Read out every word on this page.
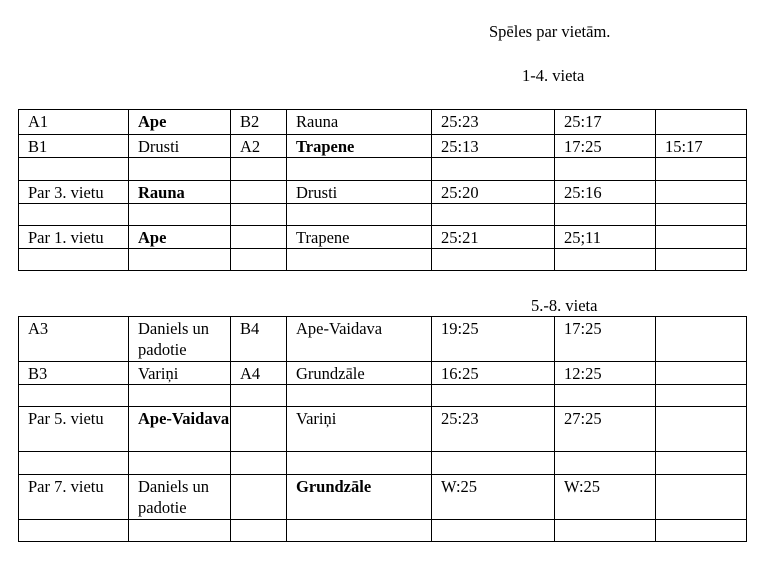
Spēles par vietām.
1-4. vieta
5.-8. vieta
A1	Ape	B2	Rauna	25:23	25:17	
B1	Drusti	A2	Trapene	25:13	17:25	15:17

Par 3. vietu	Rauna		Drusti	25:20	25:16	

Par 1. vietu	Ape		Trapene	25:21	25;11	

A3	Daniels un padotie	B4	Ape-Vaidava	19:25	17:25	
B3	Variņi	A4	Grundzāle	16:25	12:25	

Par 5. vietu	Ape-Vaidava		Variņi	25:23	27:25	

Par 7. vietu	Daniels un padotie		Grundzāle	W:25	W:25	
